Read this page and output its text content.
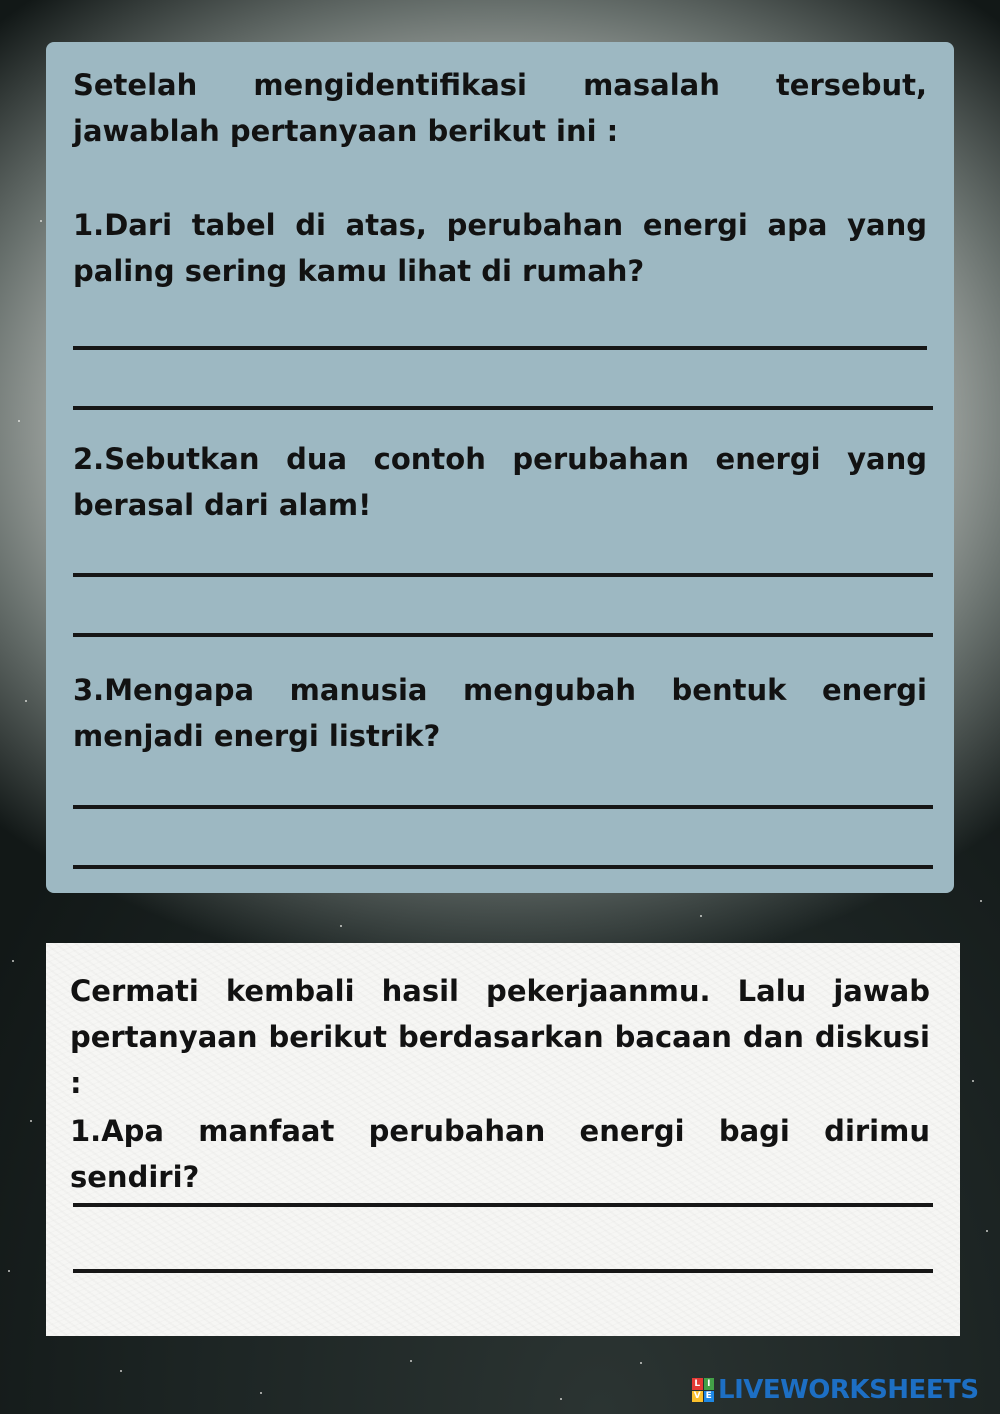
Setelah mengidentifikasi masalah tersebut, jawablah pertanyaan berikut ini :

1.Dari tabel di atas, perubahan energi apa yang paling sering kamu lihat di rumah?

2.Sebutkan dua contoh perubahan energi yang berasal dari alam!

3.Mengapa manusia mengubah bentuk energi menjadi energi listrik?

Cermati kembali hasil pekerjaanmu. Lalu jawab pertanyaan berikut berdasarkan bacaan dan diskusi :

1.Apa manfaat perubahan energi bagi dirimu sendiri?

L I
V E LIVEWORKSHEETS
